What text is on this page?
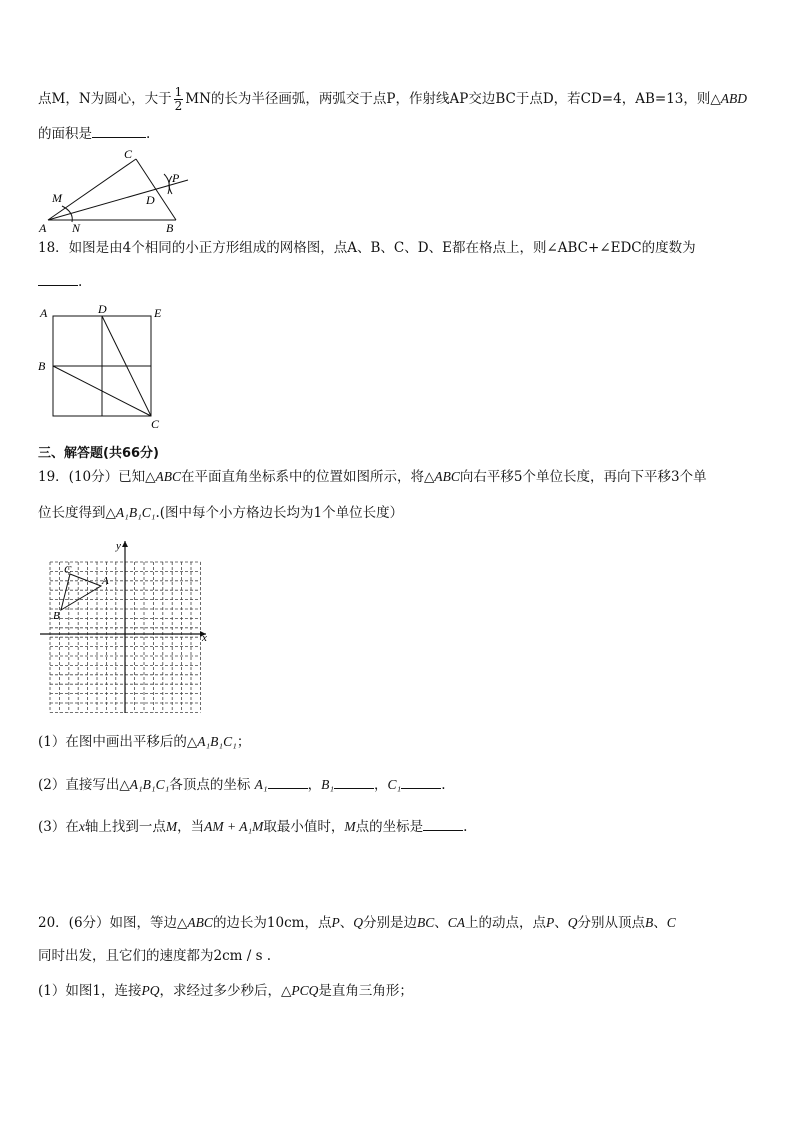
点M，N为圆心，大于 $\frac{1}{2}$ MN的长为半径画弧，两弧交于点P，作射线AP交边BC于点D，若CD=4，AB=13，则△ABD
的面积是	.
C
M
P
D
A N	B
18．如图是由4个相同的小正方形组成的网格图，点A、B、C、D、E都在格点上，则∠ABC+∠EDC的度数为
.
A	D	E
B
C
三、解答题(共66分)
19．(10分）已知△ABC在平面直角坐标系中的位置如图所示，将△ABC向右平移5个单位长度，再向下平移3个单
位长度得到△A₁B₁C₁.(图中每个小方格边长均为1个单位长度）
C
A
B
y
x
(1）在图中画出平移后的△A₁B₁C₁；
(2）直接写出△A₁B₁C₁各顶点的坐标 A₁	，B₁	，C₁	.
(3）在x轴上找到一点M，当AM + A₁M取最小值时，M点的坐标是	.
20．(6分）如图，等边△ABC的边长为10cm，点P、Q分别是边BC、CA上的动点，点P、Q分别从顶点B、C
同时出发，且它们的速度都为2cm / s .
(1）如图1，连接PQ，求经过多少秒后，△PCQ是直角三角形；
